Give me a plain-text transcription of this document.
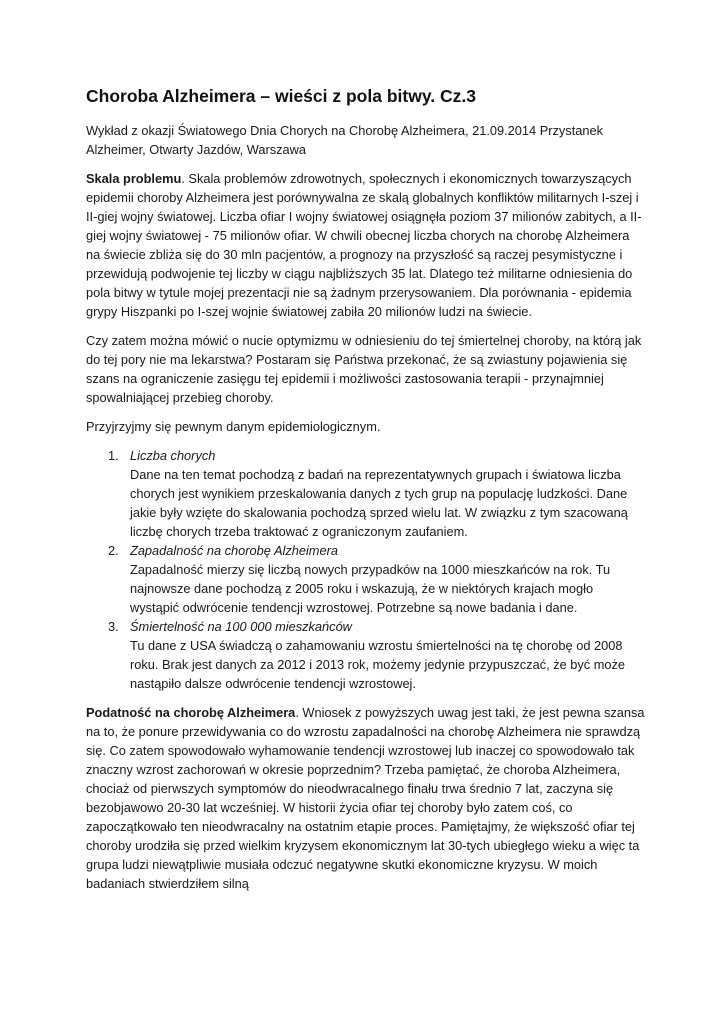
Choroba Alzheimera – wieści z pola bitwy. Cz.3

Wykład z okazji Światowego Dnia Chorych na Chorobę Alzheimera, 21.09.2014 Przystanek Alzheimer, Otwarty Jazdów, Warszawa

Skala problemu. Skala problemów zdrowotnych, społecznych i ekonomicznych towarzyszących epidemii choroby Alzheimera jest porównywalna ze skalą globalnych konfliktów militarnych I-szej i II-giej wojny światowej. Liczba ofiar I wojny światowej osiągnęła poziom 37 milionów zabitych, a II-giej wojny światowej - 75 milionów ofiar. W chwili obecnej liczba chorych na chorobę Alzheimera na świecie zbliża się do 30 mln pacjentów, a prognozy na przyszłość są raczej pesymistyczne i przewidują podwojenie tej liczby w ciągu najbliższych 35 lat. Dlatego też militarne odniesienia do pola bitwy w tytule mojej prezentacji nie są żadnym przerysowaniem. Dla porównania - epidemia grypy Hiszpanki po I-szej wojnie światowej zabiła 20 milionów ludzi na świecie.

Czy zatem można mówić o nucie optymizmu w odniesieniu do tej śmiertelnej choroby, na którą jak do tej pory nie ma lekarstwa? Postaram się Państwa przekonać, że są zwiastuny pojawienia się szans na ograniczenie zasięgu tej epidemii i możliwości zastosowania terapii - przynajmniej spowalniającej przebieg choroby.

Przyjrzyjmy się pewnym danym epidemiologicznym.

1. Liczba chorych
Dane na ten temat pochodzą z badań na reprezentatywnych grupach i światowa liczba chorych jest wynikiem przeskalowania danych z tych grup na populację ludzkości. Dane jakie były wzięte do skalowania pochodzą sprzed wielu lat. W związku z tym szacowaną liczbę chorych trzeba traktować z ograniczonym zaufaniem.
2. Zapadalność na chorobę Alzheimera
Zapadalność mierzy się liczbą nowych przypadków na 1000 mieszkańców na rok. Tu najnowsze dane pochodzą z 2005 roku i wskazują, że w niektórych krajach mogło wystąpić odwrócenie tendencji wzrostowej. Potrzebne są nowe badania i dane.
3. Śmiertelność na 100 000 mieszkańców
Tu dane z USA świadczą o zahamowaniu wzrostu śmiertelności na tę chorobę od 2008 roku. Brak jest danych za 2012 i 2013 rok, możemy jedynie przypuszczać, że być może nastąpiło dalsze odwrócenie tendencji wzrostowej.

Podatność na chorobę Alzheimera. Wniosek z powyższych uwag jest taki, że jest pewna szansa na to, że ponure przewidywania co do wzrostu zapadalności na chorobę Alzheimera nie sprawdzą się. Co zatem spowodowało wyhamowanie tendencji wzrostowej lub inaczej co spowodowało tak znaczny wzrost zachorowań w okresie poprzednim? Trzeba pamiętać, że choroba Alzheimera, chociaż od pierwszych symptomów do nieodwracalnego finału trwa średnio 7 lat, zaczyna się bezobjawowo 20-30 lat wcześniej. W historii życia ofiar tej choroby było zatem coś, co zapoczątkowało ten nieodwracalny na ostatnim etapie proces. Pamiętajmy, że większość ofiar tej choroby urodziła się przed wielkim kryzysem ekonomicznym lat 30-tych ubiegłego wieku a więc ta grupa ludzi niewątpliwie musiała odczuć negatywne skutki ekonomiczne kryzysu. W moich badaniach stwierdziłem silną
